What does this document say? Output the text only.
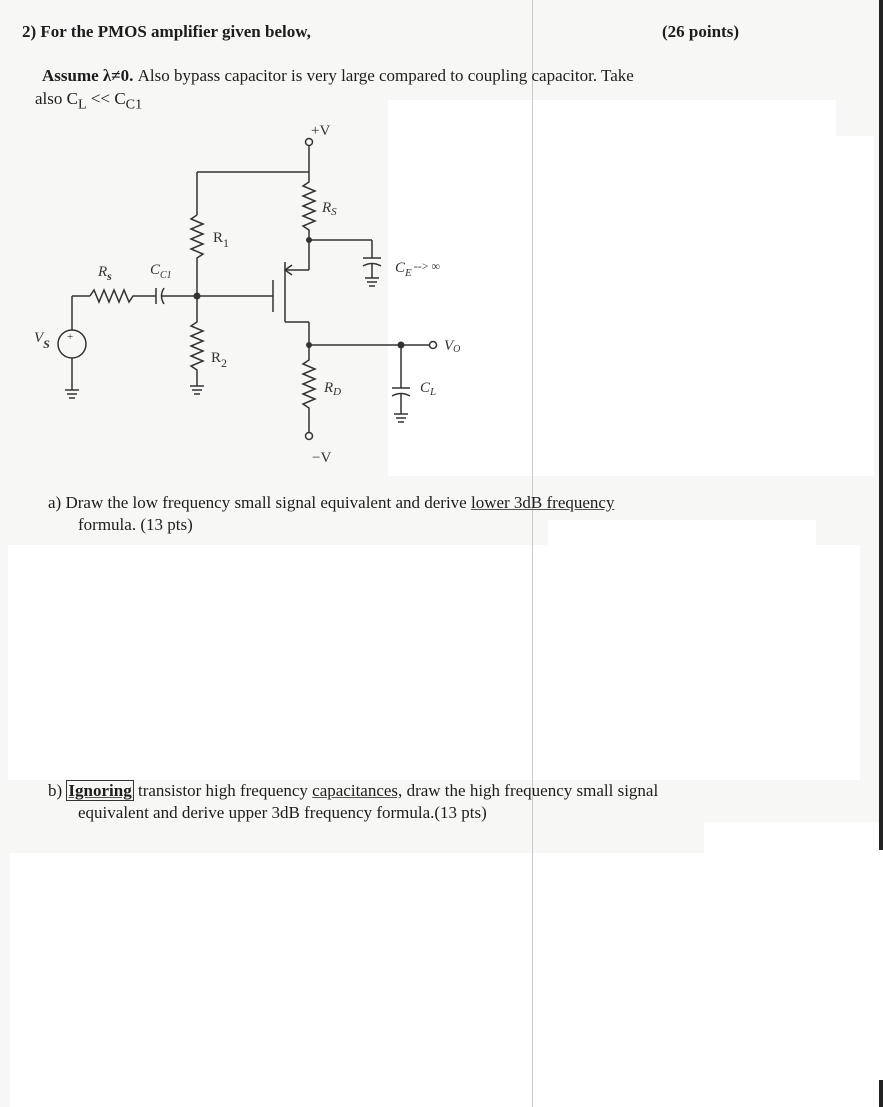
2) For the PMOS amplifier given below,	(26 points)
Assume λ≠0. Also bypass capacitor is very large compared to coupling capacitor. Take
also $C_L << C_{C1}$
+V
−V
$R_S$
$R_1$
$R_2$
$R_s$	$C_{C1}$	$C_E$ --> ∞
$V_S$ +
VO
$R_D$	$C_L$
a) Draw the low frequency small signal equivalent and derive lower 3dB frequency
formula. (13 pts)
b) Ignoring transistor high frequency capacitances, draw the high frequency small signal
equivalent and derive upper 3dB frequency formula.(13 pts)
